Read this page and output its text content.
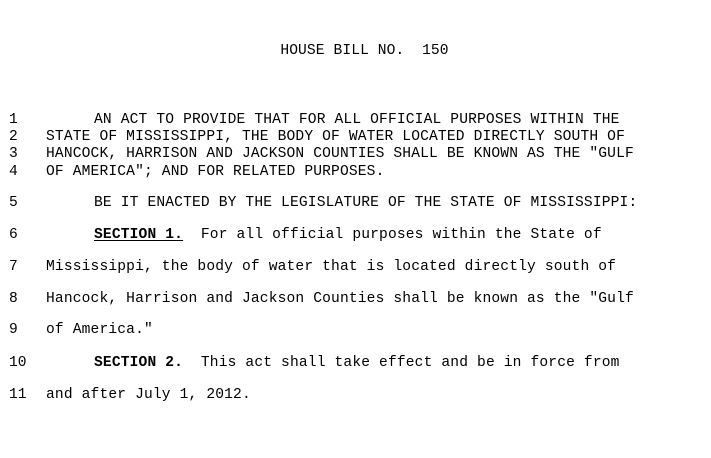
HOUSE BILL NO.  150

1

	AN ACT TO PROVIDE THAT FOR ALL OFFICIAL PURPOSES WITHIN THE

2

	STATE OF MISSISSIPPI, THE BODY OF WATER LOCATED DIRECTLY SOUTH OF

3

	HANCOCK, HARRISON AND JACKSON COUNTIES SHALL BE KNOWN AS THE "GULF

4

	OF AMERICA"; AND FOR RELATED PURPOSES.

5

	BE IT ENACTED BY THE LEGISLATURE OF THE STATE OF MISSISSIPPI:

6

	SECTION 1.  For all official purposes within the State of

7

	Mississippi, the body of water that is located directly south of

8

	Hancock, Harrison and Jackson Counties shall be known as the "Gulf

9

	of America."

10

	SECTION 2.  This act shall take effect and be in force from

11

and after July 1, 2012.
